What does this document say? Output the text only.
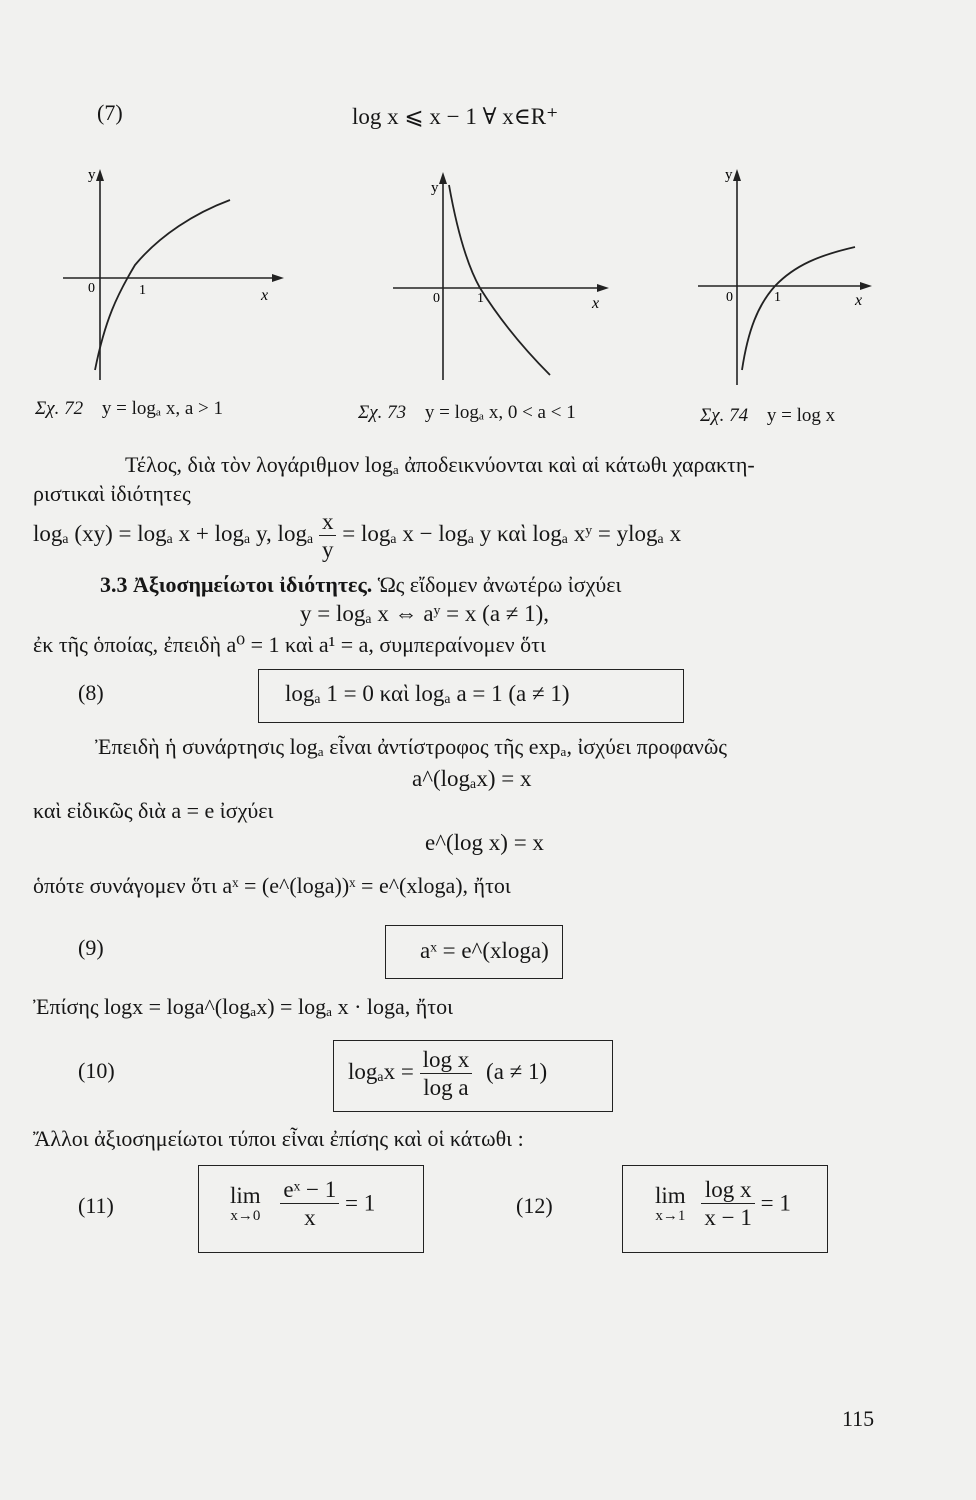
(7)	log x ⩽ x − 1 ∀ x∈R⁺
y
0	1	x
Σχ. 72 y = logₐ x, a > 1
y
0	1	x
Σχ. 73 y = logₐ x, 0 < a < 1
y
0	1	x
Σχ. 74 y = log x
Τέλος, διὰ τὸν λογάριθμον logₐ ἀποδεικνύονται καὶ αἱ κάτωθι χαρακτη-
ριστικαὶ ἰδιότητες
logₐ (xy) = logₐ x + logₐ y, logₐ $\frac{x}{y} = \log_a$ x − logₐ y καὶ logₐ xʸ = ylogₐ x
3.3 Ἀξιοσημείωτοι ἰδιότητες. Ὡς εἴδομεν ἀνωτέρω ἰσχύει
y = logₐ x ⇔ aʸ = x (a ≠ 1),
ἐκ τῆς ὁποίας, ἐπειδὴ a⁰ = 1 καὶ a¹ = a, συμπεραίνομεν ὅτι
(8)	logₐ 1 = 0 καὶ logₐ a = 1 (a ≠ 1)
Ἐπειδὴ ἡ συνάρτησις logₐ εἶναι ἀντίστροφος τῆς expₐ, ἰσχύει προφανῶς
a^(logₐx) = x
καὶ εἰδικῶς διὰ a = e ἰσχύει
e^(log x) = x
ὁπότε συνάγομεν ὅτι aˣ = (e^(loga))ˣ = e^(xloga), ἤτοι
(9)	aˣ = e^(xloga)
Ἐπίσης logx = loga^(logₐx) = logₐ x · loga, ἤτοι
(10)	$\log_ax = \frac{\text{log x}}{\text{log a}} (a \ne 1)$
Ἄλλοι ἀξιοσημείωτοι τύποι εἶναι ἐπίσης καὶ οἱ κάτωθι :
(11)	lim
x→0
$\frac{\text{eˣ − 1}}{x} = 1$	(12)	lim
x→1
$\frac{\text{log x}}{x - 1} = 1$
115
